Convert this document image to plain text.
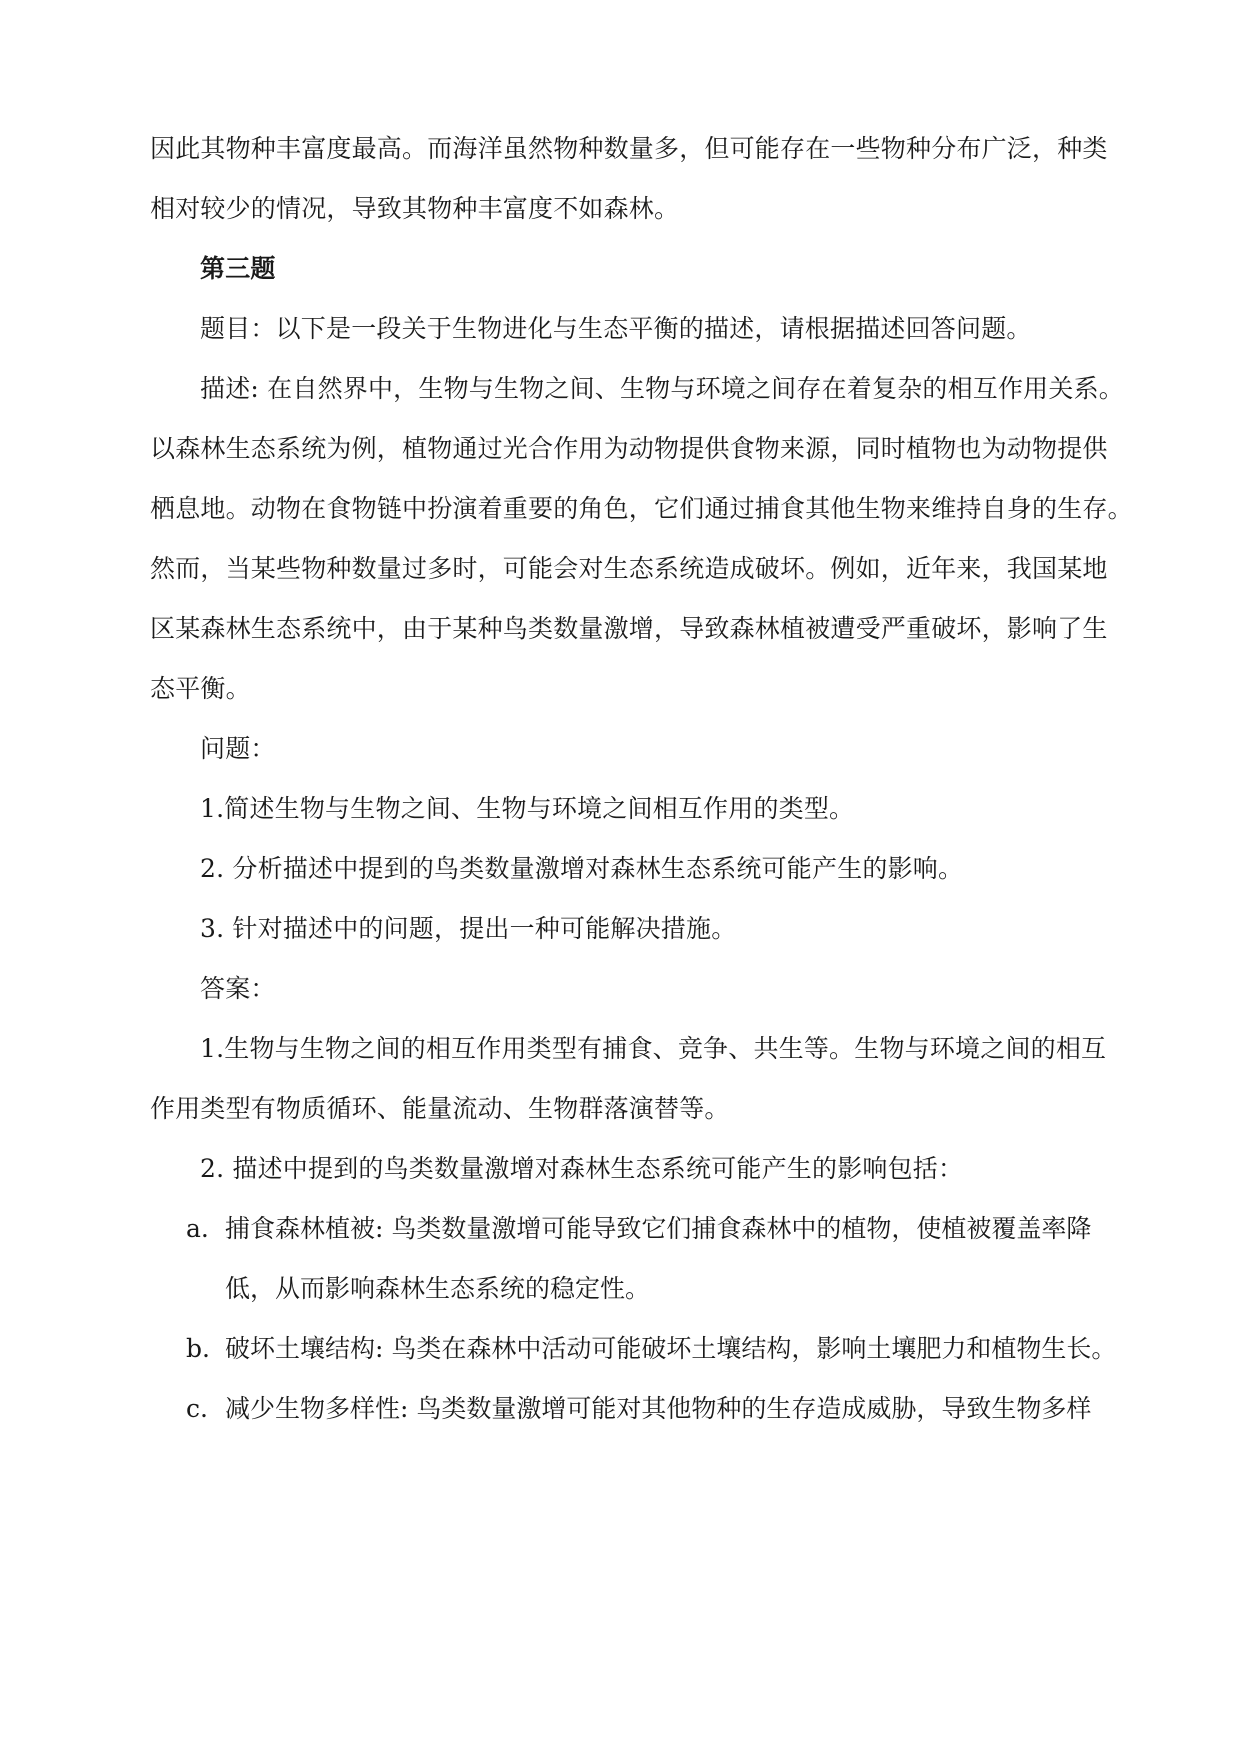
因此其物种丰富度最高。而海洋虽然物种数量多，但可能存在一些物种分布广泛，种类
相对较少的情况，导致其物种丰富度不如森林。
第三题
题目：以下是一段关于生物进化与生态平衡的描述，请根据描述回答问题。
描述: 在自然界中，生物与生物之间、生物与环境之间存在着复杂的相互作用关系。
以森林生态系统为例，植物通过光合作用为动物提供食物来源，同时植物也为动物提供
栖息地。动物在食物链中扮演着重要的角色，它们通过捕食其他生物来维持自身的生存。
然而，当某些物种数量过多时，可能会对生态系统造成破坏。例如，近年来，我国某地
区某森林生态系统中，由于某种鸟类数量激增，导致森林植被遭受严重破坏，影响了生
态平衡。
问题：
1.简述生物与生物之间、生物与环境之间相互作用的类型。
2. 分析描述中提到的鸟类数量激增对森林生态系统可能产生的影响。
3. 针对描述中的问题，提出一种可能解决措施。
答案：
1.生物与生物之间的相互作用类型有捕食、竞争、共生等。生物与环境之间的相互
作用类型有物质循环、能量流动、生物群落演替等。
2. 描述中提到的鸟类数量激增对森林生态系统可能产生的影响包括：
a. 捕食森林植被: 鸟类数量激增可能导致它们捕食森林中的植物，使植被覆盖率降
低，从而影响森林生态系统的稳定性。
b. 破坏土壤结构: 鸟类在森林中活动可能破坏土壤结构，影响土壤肥力和植物生长。
c. 减少生物多样性: 鸟类数量激增可能对其他物种的生存造成威胁，导致生物多样
